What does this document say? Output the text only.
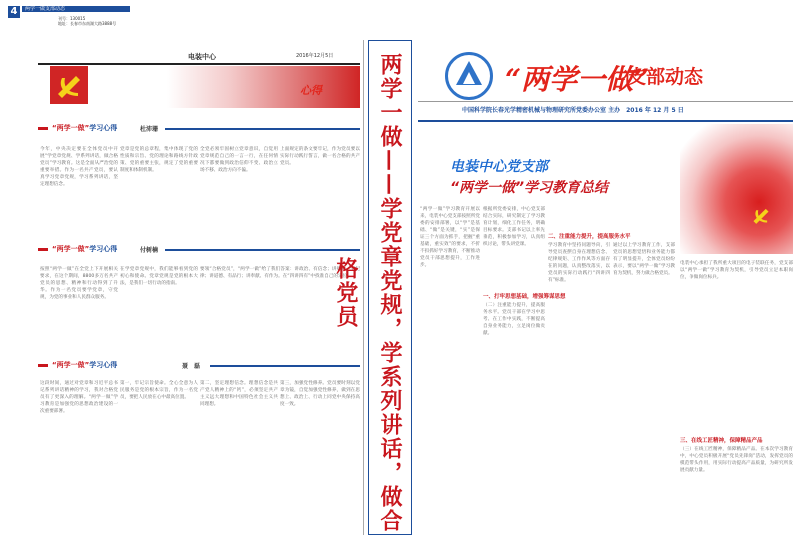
4	两学一做支部动态
刊号：130015
地址：长春市东南湖大路3888号
电装中心	2016年12月5日
心得
“两学一做”学习心得	杜沛珊
今年，中央决定要在全体党员中开展“学党章党规、学系列讲话，做合格党员”学习教育。这是全面从严治党的重要举措。作为一名共产党员，要认真学习党章党规，学习系列讲话，坚定理想信念。
党章是党的总章程，集中体现了党的性质和宗旨、党的理论和路线方针政策、党的重要主张，规定了党的重要制度和体制机制。
全党必须牢固树立党章意识，自觉用党章规范自己的一言一行，在任何情况下都要做到政治信仰不变、政治立场不移、政治方向不偏。
上面规定的条文要牢记，作为党员要以实际行动践行誓言，做一名合格的共产党员。
“两学一做”学习心得	付树楠
按照“两学一做”在全党上下开展相关要求，在这个期间，8800多万名共产党员的思想、精神和行动得到了升华。作为一名党员要学党章，守党规，为党的事业和人民群众服务。
在学党章党规中，我们能够看到党的初心和使命。党章党规是党的根本大法，是我们一切行动的指南。
要领“合格党员”，“两学一做”给了我们答案：讲政治、有信念；讲规矩、有纪律；讲道德、有品行；讲奉献、有作为。在“四讲四有”中找准自己的定位。
“两学一做”学习心得	聂　磊
这段时间，通过对党章和习近平总书记系列讲话精神的学习，我对合格党员有了更深入的理解。“两学一做”学习教育是加强党的思想政治建设的一次重要部署。
第一，牢记宗旨使命。全心全意为人民服务是党的根本宗旨，作为一名党员，要把人民放在心中最高位置。
第二，坚定理想信念。理想信念是共产党人精神上的“钙”，必须坚定共产主义远大理想和中国特色社会主义共同理想。
第三，加强党性修养。党员要时刻以党章为镜，自觉加强党性修养，做到在思想上、政治上、行动上同党中央保持高度一致。	两学一做——学党章党规，学系列讲话，做合格党员
“两学一做”
支部动态
中国科学院长春光学精密机械与物理研究所党委办公室 主办　2016 年 12 月 5 日
电装中心党支部
“两学一做”学习教育总结
“两学一做”学习教育开展以来，电装中心党支部按照所党委的安排部署，以“学”是基础、“做”是关键，“实”是保证三个方面为抓手，把握“重基础，重实效”的要求，不折不扣抓好学习教育，不断推动党员干部思想提升，工作进步。
一、打牢思想基础，增强筹谋思想
根据所党委安排，中心党支部结合实际，研究制定了学习教育计划，细化工作任务，明确目标要求。支部书记以上率先垂范，积极参加学习，认真组织讨论，带头讲党课。
（二）注重能力提升，提高服务水平。党员干部在学习中思考、在工作中实践，不断提高自身业务能力，立足岗位做贡献。
二、注重能力提升，提高服务水平
学习教育中坚持问题导向，引导党员查摆自身在理想信念、纪律规矩、工作作风等方面存在的问题，认真整改落实，以党员的实际行动践行“四讲四有”标准。
通过以上学习教育工作，支部党员的思想觉悟和业务能力都有了明显提升，全体党员纷纷表示，要以“两学一做”学习教育为契机，努力做合格党员。
电装中心承担了我所重大项目的电子装联任务，党支部以“两学一做”学习教育为契机，引导党员立足本职岗位，争做岗位标兵。
三、在线工匠精神，保障精品产品
（三）在线工匠精神，保障精品产品。在本次学习教育中，中心党员积极开展“党员先锋岗”活动，发挥党员的模范带头作用，用实际行动提高产品质量，为研究所发展贡献力量。
